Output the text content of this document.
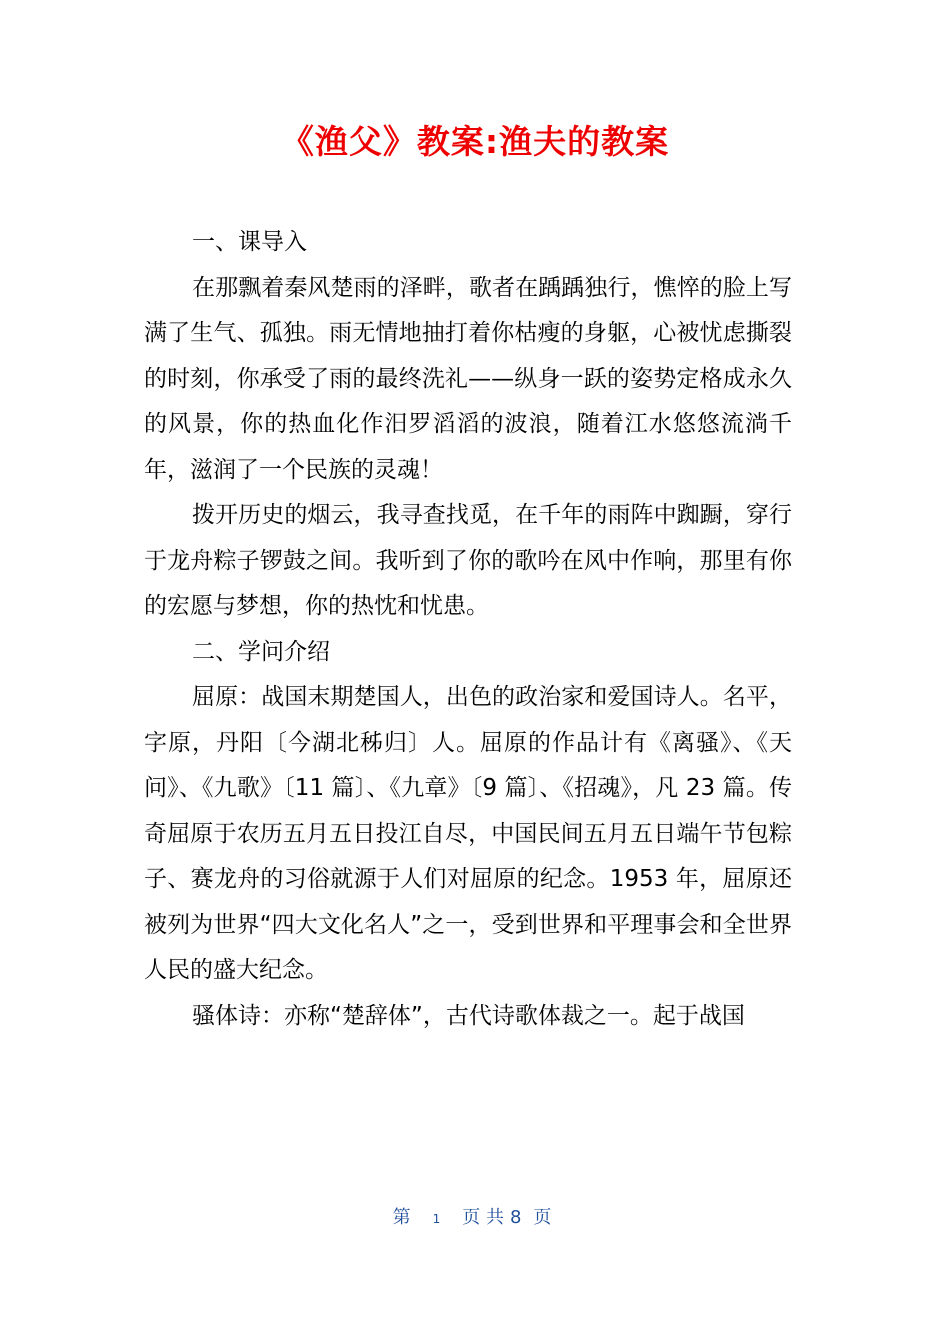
《渔父》教案:渔夫的教案

一、课导入

在那飘着秦风楚雨的泽畔，歌者在踽踽独行，憔悴的脸上写满了生气、孤独。雨无情地抽打着你枯瘦的身躯，心被忧虑撕裂的时刻，你承受了雨的最终洗礼——纵身一跃的姿势定格成永久的风景，你的热血化作汨罗滔滔的波浪，随着江水悠悠流淌千年，滋润了一个民族的灵魂！

拨开历史的烟云，我寻查找觅，在千年的雨阵中踟蹰，穿行于龙舟粽子锣鼓之间。我听到了你的歌吟在风中作响，那里有你的宏愿与梦想，你的热忱和忧患。

二、学问介绍

屈原：战国末期楚国人，出色的政治家和爱国诗人。名平，字原，丹阳〔今湖北秭归〕人。屈原的作品计有《离骚》、《天问》、《九歌》〔11 篇〕、《九章》〔9 篇〕、《招魂》，凡 23 篇。传奇屈原于农历五月五日投江自尽，中国民间五月五日端午节包粽子、赛龙舟的习俗就源于人们对屈原的纪念。1953 年，屈原还被列为世界“四大文化名人”之一，受到世界和平理事会和全世界人民的盛大纪念。

骚体诗：亦称“楚辞体”，古代诗歌体裁之一。起于战国

第 1 页 共 8 页
